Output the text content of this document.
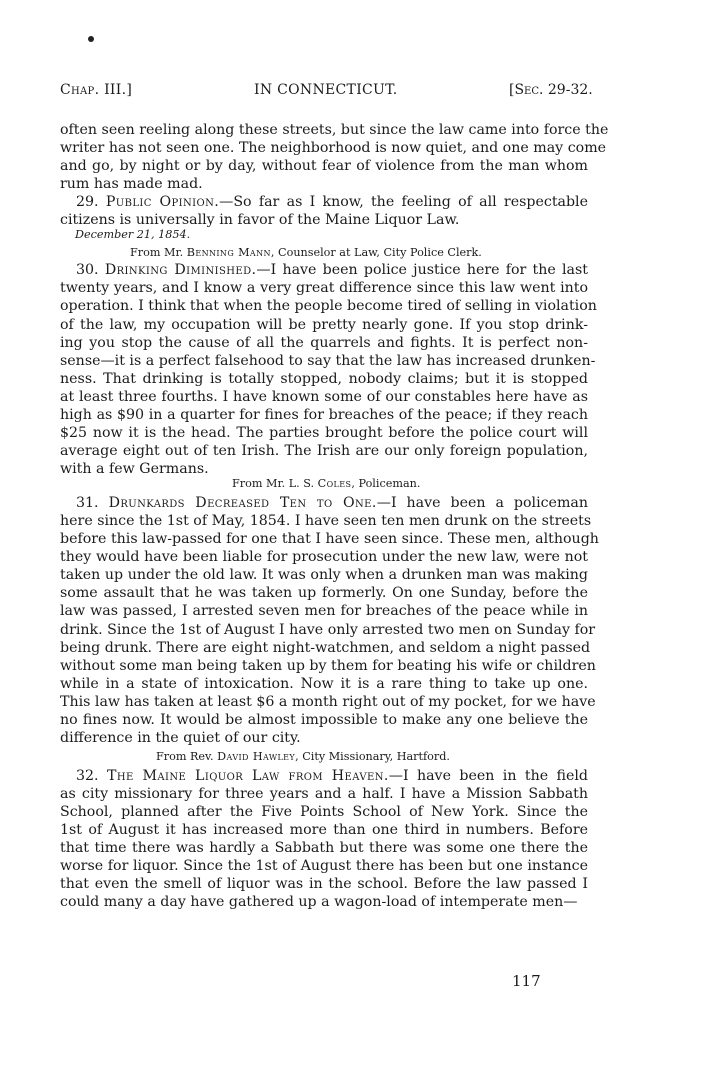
Chap. III.]	IN CONNECTICUT.	[Sec. 29-32.
often seen reeling along these streets, but since the law came into force the
writer has not seen one. The neighborhood is now quiet, and one may come
and go, by night or by day, without fear of violence from the man whom
rum has made mad.
29. Public Opinion.—So far as I know, the feeling of all respectable
citizens is universally in favor of the Maine Liquor Law.
December 21, 1854.
From Mr. Benning Mann, Counselor at Law, City Police Clerk.
30. Drinking Diminished.—I have been police justice here for the last
twenty years, and I know a very great difference since this law went into
operation. I think that when the people become tired of selling in violation
of the law, my occupation will be pretty nearly gone. If you stop drink-
ing you stop the cause of all the quarrels and fights. It is perfect non-
sense—it is a perfect falsehood to say that the law has increased drunken-
ness. That drinking is totally stopped, nobody claims; but it is stopped
at least three fourths. I have known some of our constables here have as
high as $90 in a quarter for fines for breaches of the peace; if they reach
$25 now it is the head. The parties brought before the police court will
average eight out of ten Irish. The Irish are our only foreign population,
with a few Germans.
From Mr. L. S. Coles, Policeman.
31. Drunkards Decreased Ten to One.—I have been a policeman
here since the 1st of May, 1854. I have seen ten men drunk on the streets
before this law-passed for one that I have seen since. These men, although
they would have been liable for prosecution under the new law, were not
taken up under the old law. It was only when a drunken man was making
some assault that he was taken up formerly. On one Sunday, before the
law was passed, I arrested seven men for breaches of the peace while in
drink. Since the 1st of August I have only arrested two men on Sunday for
being drunk. There are eight night-watchmen, and seldom a night passed
without some man being taken up by them for beating his wife or children
while in a state of intoxication. Now it is a rare thing to take up one.
This law has taken at least $6 a month right out of my pocket, for we have
no fines now. It would be almost impossible to make any one believe the
difference in the quiet of our city.
From Rev. David Hawley, City Missionary, Hartford.
32. The Maine Liquor Law from Heaven.—I have been in the field
as city missionary for three years and a half. I have a Mission Sabbath
School, planned after the Five Points School of New York. Since the
1st of August it has increased more than one third in numbers. Before
that time there was hardly a Sabbath but there was some one there the
worse for liquor. Since the 1st of August there has been but one instance
that even the smell of liquor was in the school. Before the law passed I
could many a day have gathered up a wagon-load of intemperate men—
117
